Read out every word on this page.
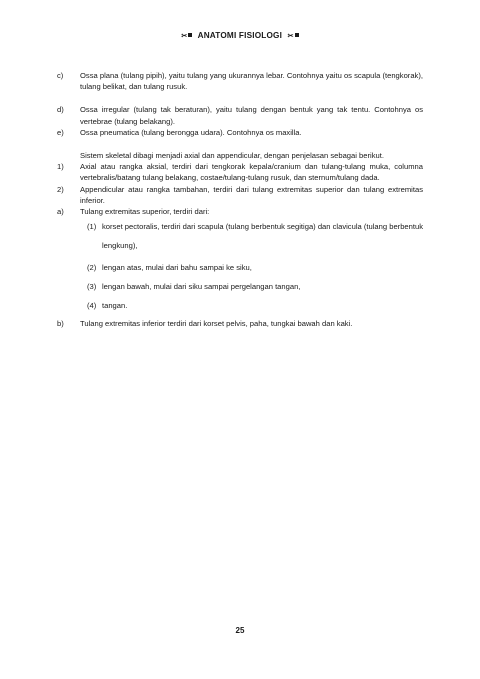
✂ ANATOMI FISIOLOGI ✂
c) Ossa plana (tulang pipih), yaitu tulang yang ukurannya lebar. Contohnya yaitu os scapula (tengkorak), tulang belikat, dan tulang rusuk.
d) Ossa irregular (tulang tak beraturan), yaitu tulang dengan bentuk yang tak tentu. Contohnya os vertebrae (tulang belakang).
e) Ossa pneumatica (tulang berongga udara). Contohnya os maxilla.
Sistem skeletal dibagi menjadi axial dan appendicular, dengan penjelasan sebagai berikut.
1) Axial atau rangka aksial, terdiri dari tengkorak kepala/cranium dan tulang-tulang muka, columna vertebralis/batang tulang belakang, costae/tulang-tulang rusuk, dan sternum/tulang dada.
2) Appendicular atau rangka tambahan, terdiri dari tulang extremitas superior dan tulang extremitas inferior.
a) Tulang extremitas superior, terdiri dari:
(1) korset pectoralis, terdiri dari scapula (tulang berbentuk segitiga) dan clavicula (tulang berbentuk lengkung),
(2) lengan atas, mulai dari bahu sampai ke siku,
(3) lengan bawah, mulai dari siku sampai pergelangan tangan,
(4) tangan.
b) Tulang extremitas inferior terdiri dari korset pelvis, paha, tungkai bawah dan kaki.
25
